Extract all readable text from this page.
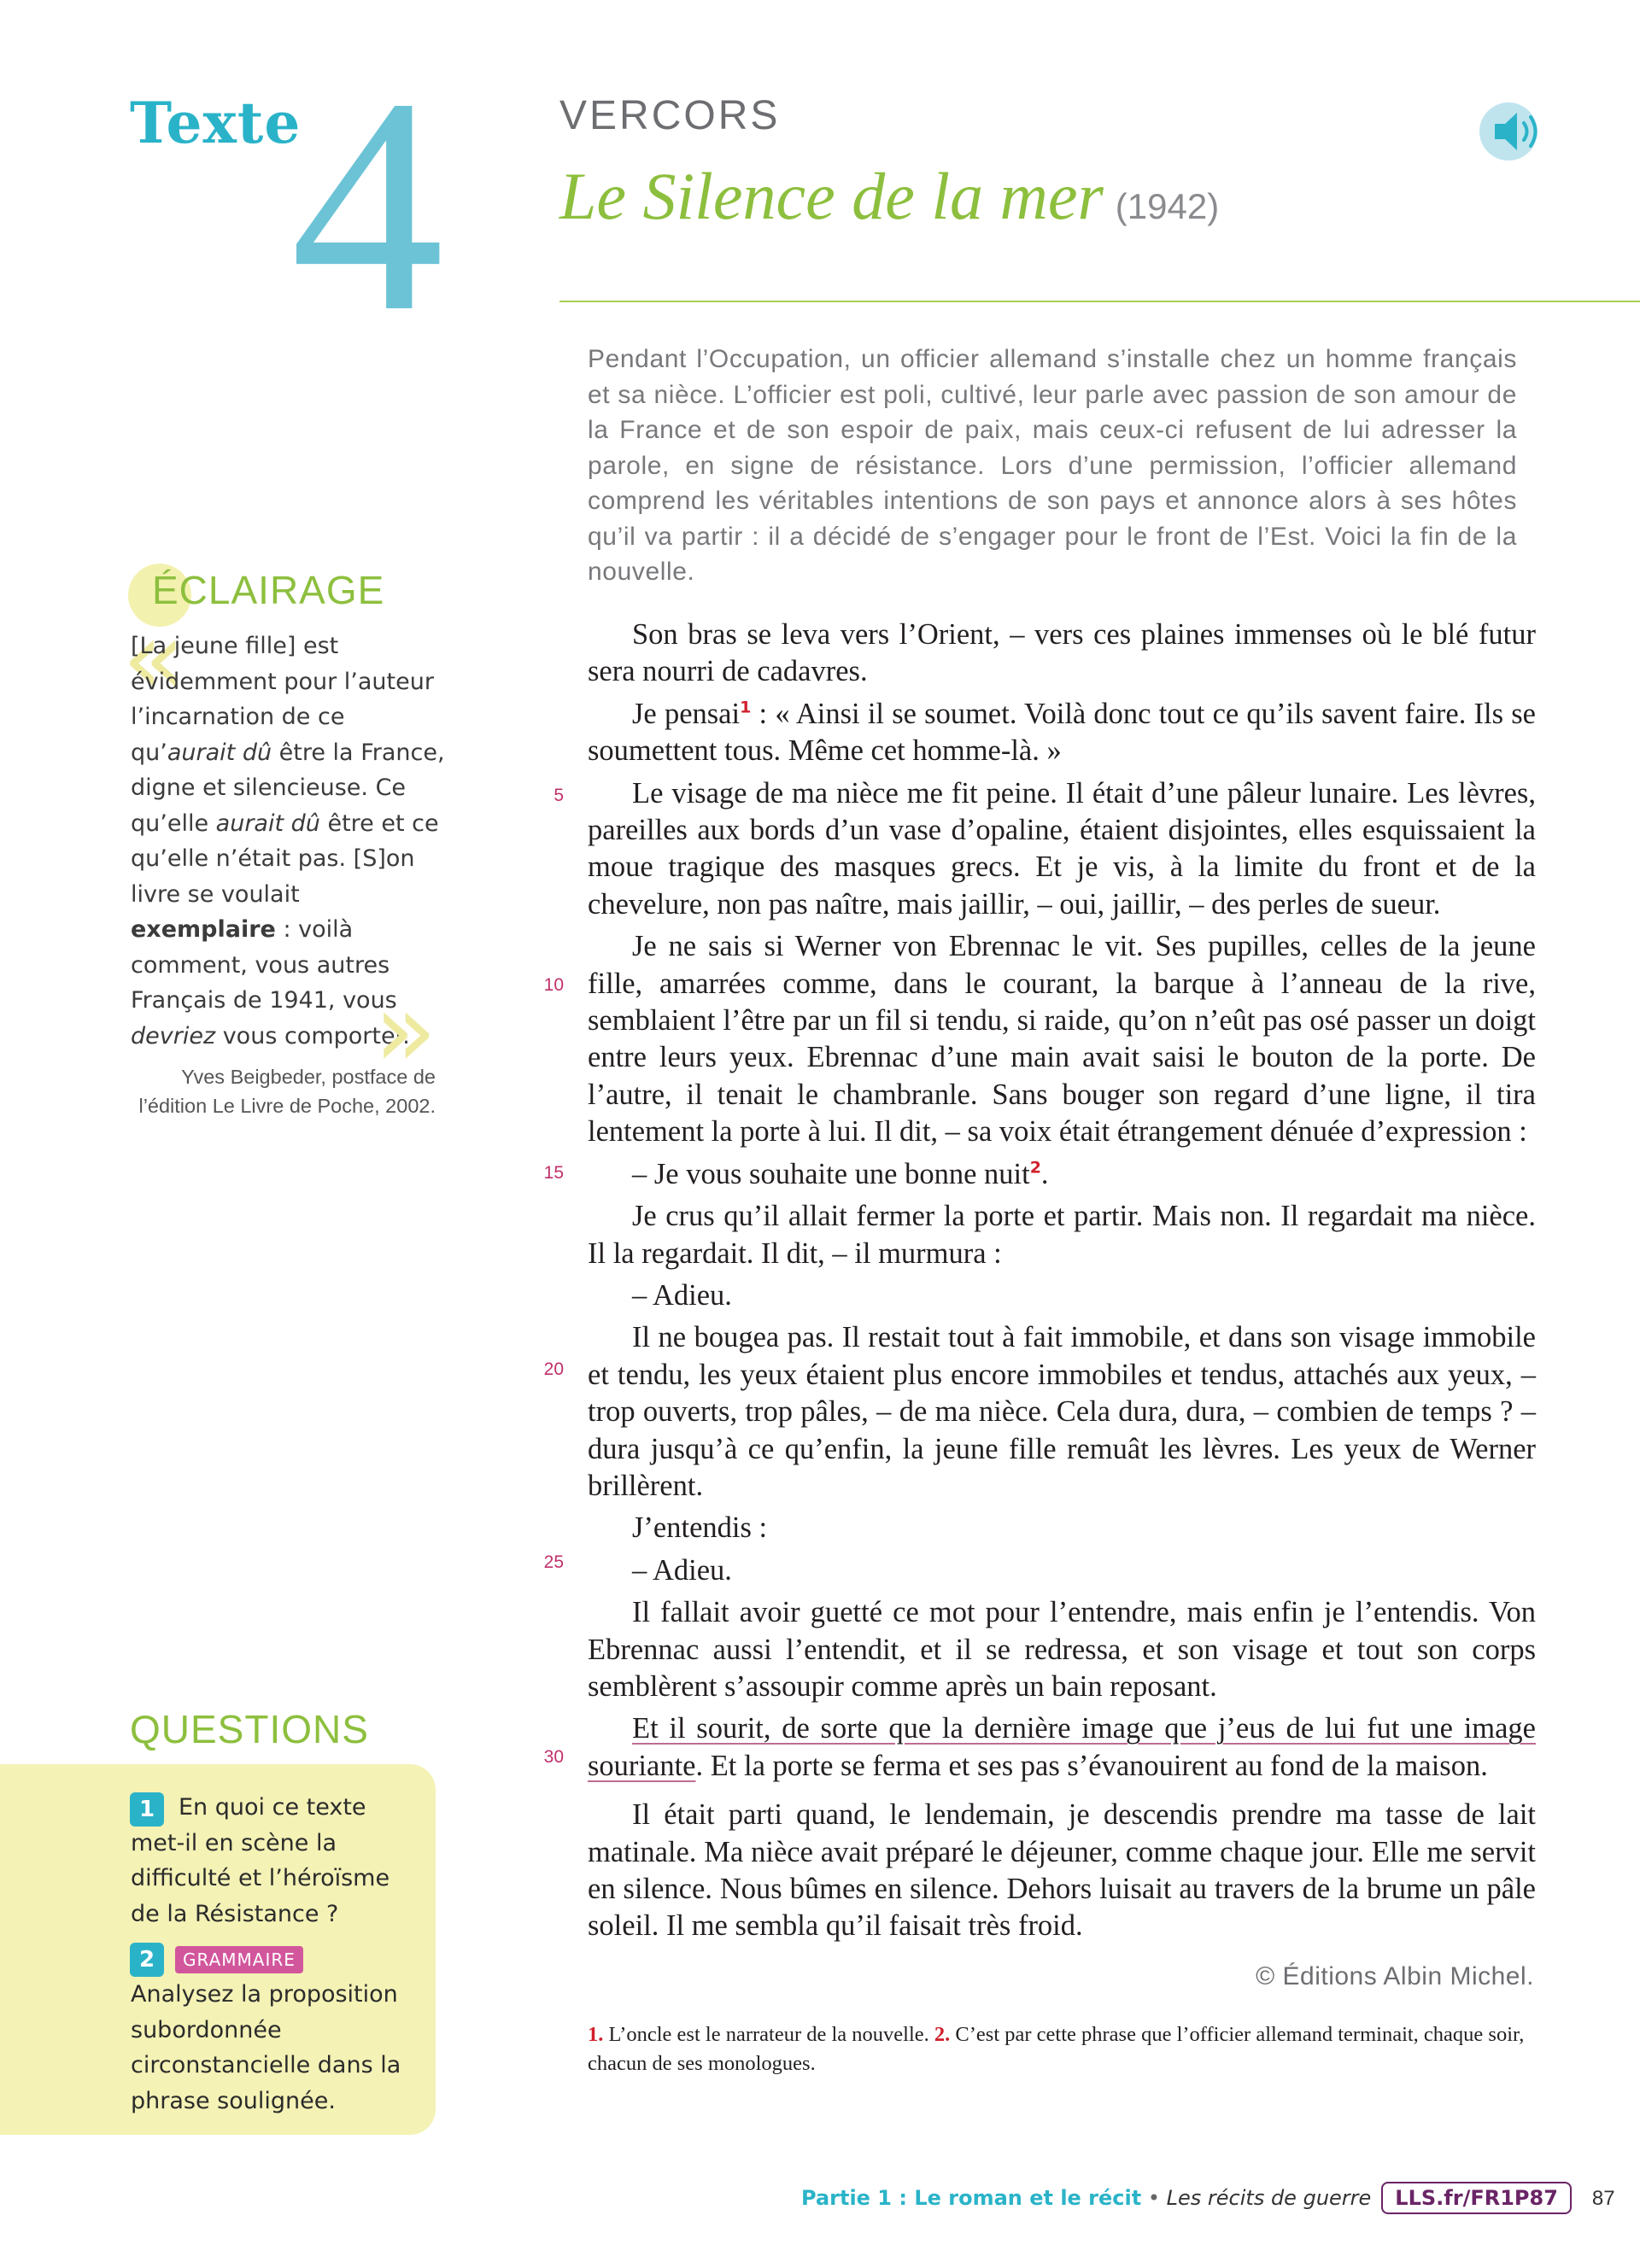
Texte
4	VERCORS
Le Silence de la mer (1942)
Pendant l’Occupation, un officier allemand s’installe chez un homme français et sa nièce. L’officier est poli, cultivé, leur parle avec passion de son amour de la France et de son espoir de paix, mais ceux-ci refusent de lui adresser la parole, en signe de résistance. Lors d’une permission, l’officier allemand comprend les véritables intentions de son pays et annonce alors à ses hôtes qu’il va partir : il a décidé de s’engager pour le front de l’Est. Voici la fin de la nouvelle.
ÉCLAIRAGE
«

[La jeune fille] est évidemment pour l’auteur l’incarnation de ce qu’aurait dû être la France, digne et silencieuse. Ce qu’elle aurait dû être et ce qu’elle n’était pas. [S]on livre se voulait exemplaire : voilà comment, vous autres Français de 1941, vous devriez vous comporter.

»
Yves Beigbeder, postface de l’édition Le Livre de Poche, 2002.
QUESTIONS
En quoi ce texte met-il en scène la difficulté et l’héroïsme de la Résistance ?
1
2	GRAMMAIRE
Analysez la proposition subordonnée circonstancielle dans la phrase soulignée.
5
10
15
20
25
30

Son bras se leva vers l’Orient, – vers ces plaines immenses où le blé futur sera nourri de cadavres.

Je pensai$^1$ : « Ainsi il se soumet. Voilà donc tout ce qu’ils savent faire. Ils se soumettent tous. Même cet homme-là. »

Le visage de ma nièce me fit peine. Il était d’une pâleur lunaire. Les lèvres, pareilles aux bords d’un vase d’opaline, étaient disjointes, elles esquissaient la moue tragique des masques grecs. Et je vis, à la limite du front et de la chevelure, non pas naître, mais jaillir, – oui, jaillir, – des perles de sueur.

Je ne sais si Werner von Ebrennac le vit. Ses pupilles, celles de la jeune fille, amarrées comme, dans le courant, la barque à l’anneau de la rive, semblaient l’être par un fil si tendu, si raide, qu’on n’eût pas osé passer un doigt entre leurs yeux. Ebrennac d’une main avait saisi le bouton de la porte. De l’autre, il tenait le chambranle. Sans bouger son regard d’une ligne, il tira lentement la porte à lui. Il dit, – sa voix était étrangement dénuée d’expression :

– Je vous souhaite une bonne nuit$^2$.

Je crus qu’il allait fermer la porte et partir. Mais non. Il regardait ma nièce. Il la regardait. Il dit, – il murmura :

– Adieu.

Il ne bougea pas. Il restait tout à fait immobile, et dans son visage immobile et tendu, les yeux étaient plus encore immobiles et tendus, attachés aux yeux, – trop ouverts, trop pâles, – de ma nièce. Cela dura, dura, – combien de temps ? – dura jusqu’à ce qu’enfin, la jeune fille remuât les lèvres. Les yeux de Werner brillèrent.

J’entendis :

– Adieu.

Il fallait avoir guetté ce mot pour l’entendre, mais enfin je l’entendis. Von Ebrennac aussi l’entendit, et il se redressa, et son visage et tout son corps semblèrent s’assoupir comme après un bain reposant.

Et il sourit, de sorte que la dernière image que j’eus de lui fut une image souriante. Et la porte se ferma et ses pas s’évanouirent au fond de la maison.

Il était parti quand, le lendemain, je descendis prendre ma tasse de lait matinale. Ma nièce avait préparé le déjeuner, comme chaque jour. Elle me servit en silence. Nous bûmes en silence. Dehors luisait au travers de la brume un pâle soleil. Il me sembla qu’il faisait très froid.

© Éditions Albin Michel.
1. L’oncle est le narrateur de la nouvelle. 2. C’est par cette phrase que l’officier allemand terminait, chaque soir, chacun de ses monologues.
Partie 1 : Le roman et le récit • Les récits de guerre LLS.fr/FR1P87 87
